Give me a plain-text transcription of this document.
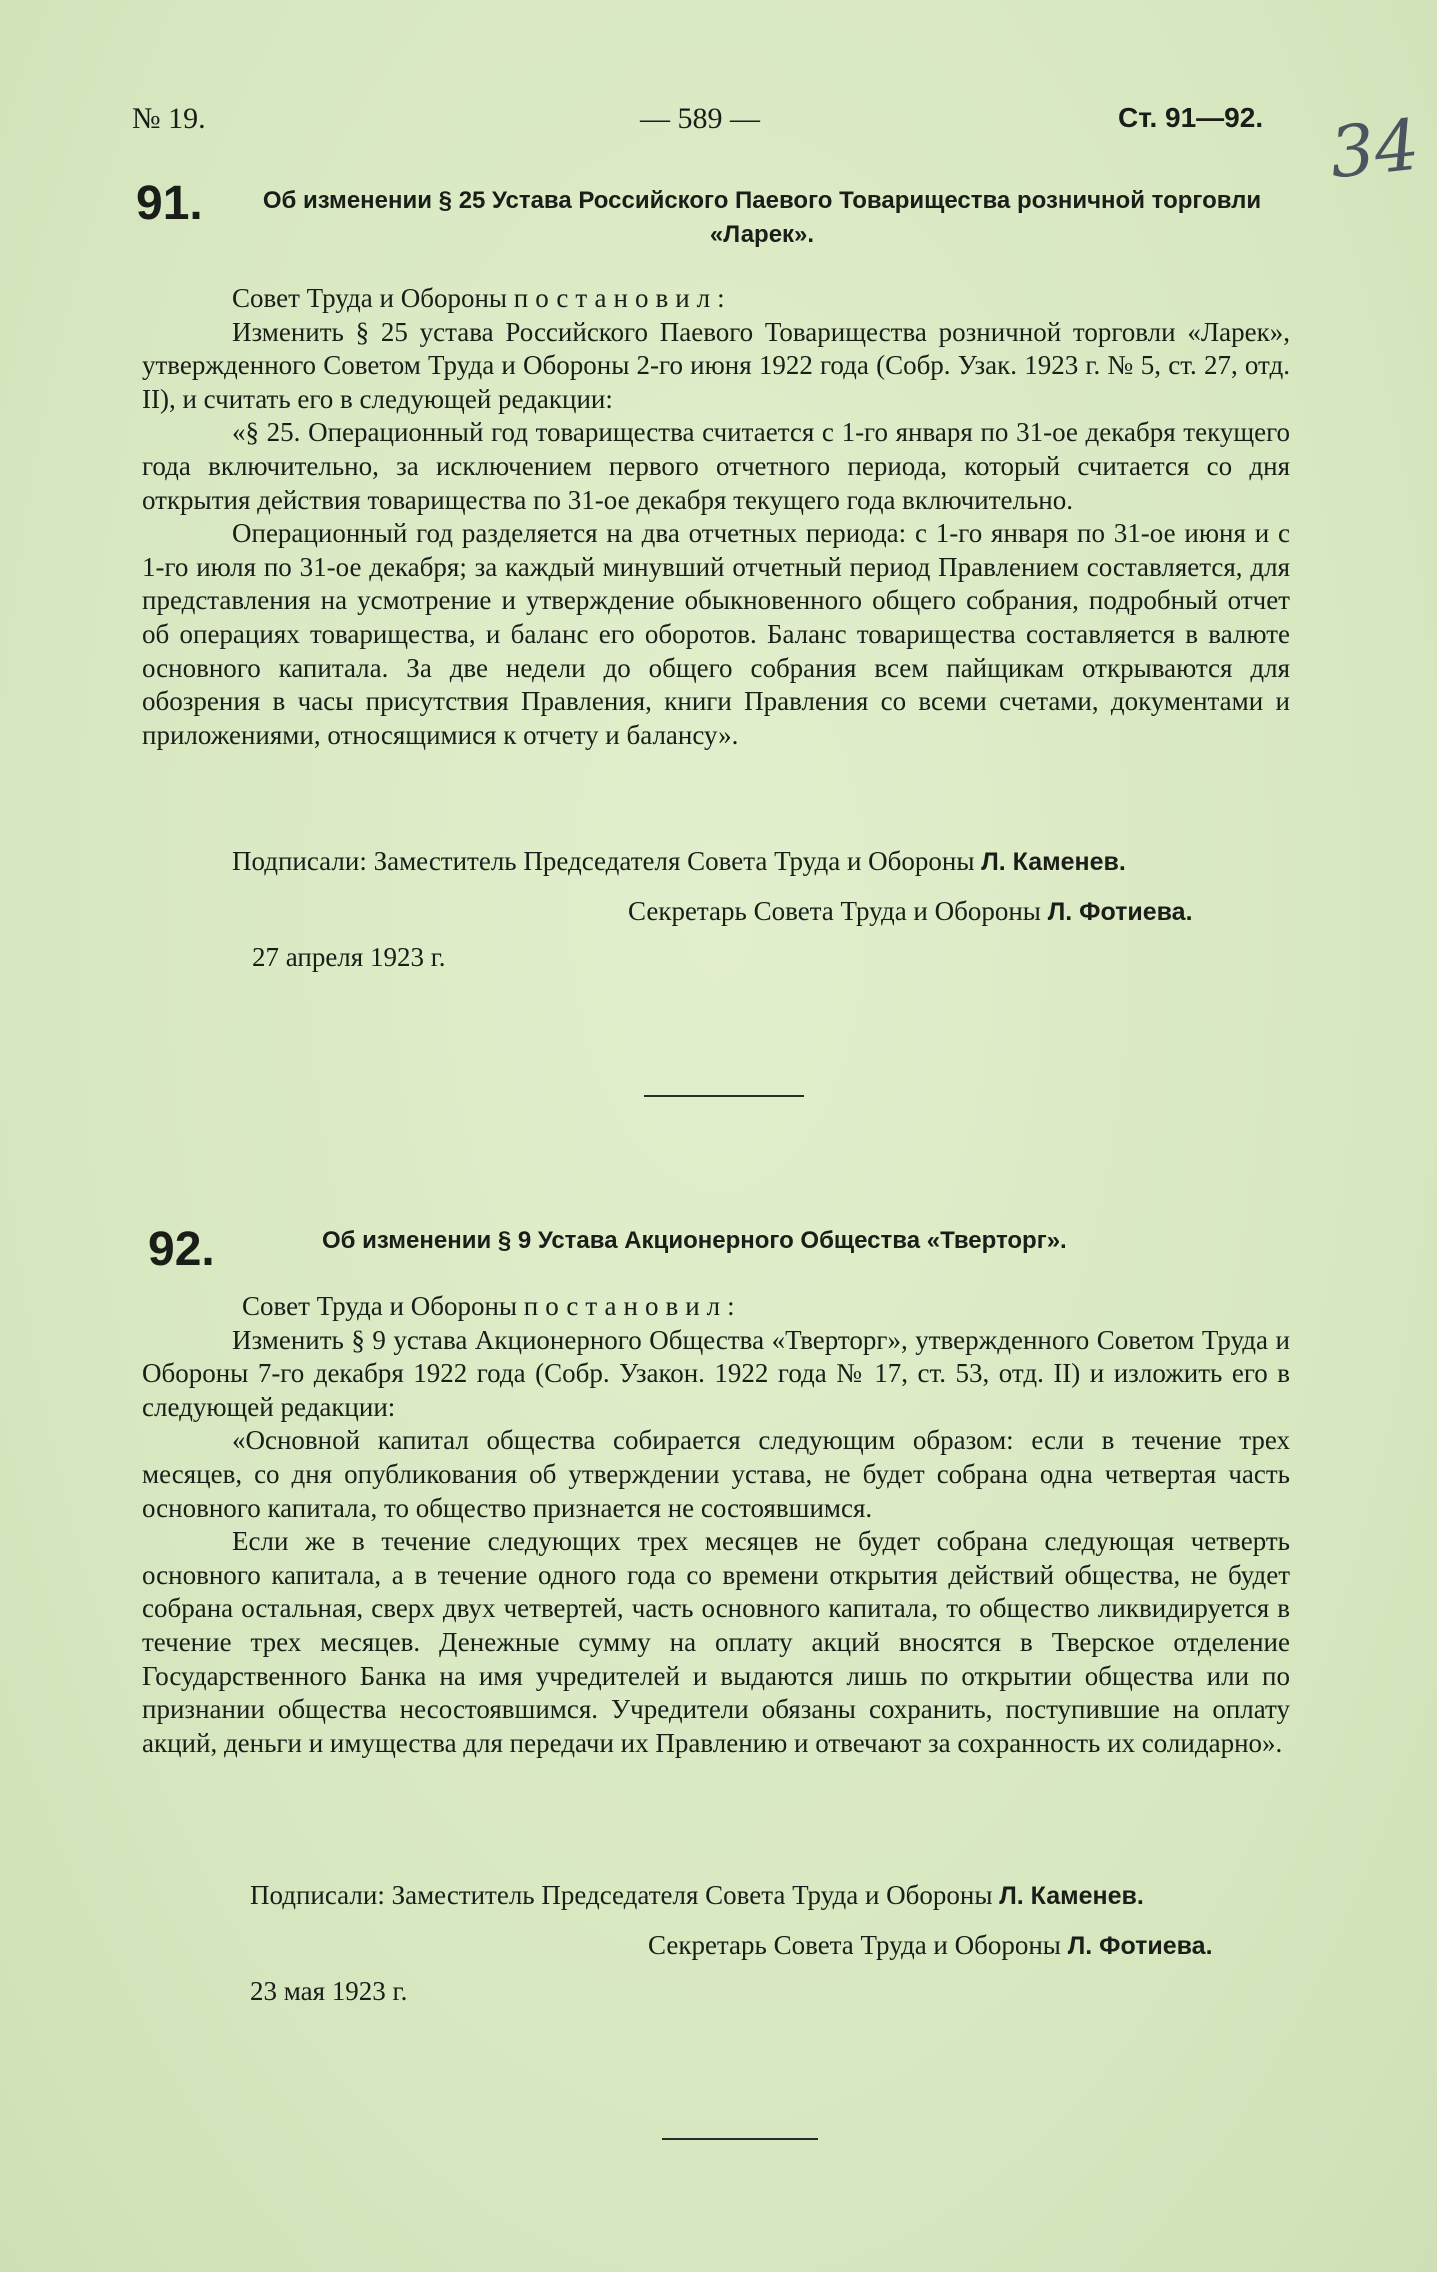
№ 19.	— 589 —	Ст. 91—92. 34
91.	Об изменении § 25 Устава Российского Паевого Товарищества розничной торговли «Ларек».

Совет Труда и Обороны постановил:

Изменить § 25 устава Российского Паевого Товарищества розничной торговли «Ларек», утвержденного Советом Труда и Обороны 2-го июня 1922 года (Собр. Узак. 1923 г. № 5, ст. 27, отд. II), и считать его в следующей редакции:

«§ 25. Операционный год товарищества считается с 1-го января по 31-ое декабря текущего года включительно, за исключением первого отчетного периода, который считается со дня открытия действия товарищества по 31-ое декабря текущего года включительно.

Операционный год разделяется на два отчетных периода: с 1-го января по 31-ое июня и с 1-го июля по 31-ое декабря; за каждый минувший отчетный период Правлением составляется, для представления на усмотрение и утверждение обыкновенного общего собрания, подробный отчет об операциях товарищества, и баланс его оборотов. Баланс товарищества составляется в валюте основного капитала. За две недели до общего собрания всем пайщикам открываются для обозрения в часы присутствия Правления, книги Правления со всеми счетами, документами и приложениями, относящимися к отчету и балансу».

Подписали: Заместитель Председателя Совета Труда и Обороны Л. Каменев.
Секретарь Совета Труда и Обороны Л. Фотиева.
27 апреля 1923 г.
92.	Об изменении § 9 Устава Акционерного Общества «Тверторг».

Совет Труда и Обороны постановил:

Изменить § 9 устава Акционерного Общества «Тверторг», утвержденного Советом Труда и Обороны 7-го декабря 1922 года (Собр. Узакон. 1922 года № 17, ст. 53, отд. II) и изложить его в следующей редакции:

«Основной капитал общества собирается следующим образом: если в течение трех месяцев, со дня опубликования об утверждении устава, не будет собрана одна четвертая часть основного капитала, то общество признается не состоявшимся.

Если же в течение следующих трех месяцев не будет собрана следующая четверть основного капитала, а в течение одного года со времени открытия действий общества, не будет собрана остальная, сверх двух четвертей, часть основного капитала, то общество ликвидируется в течение трех месяцев. Денежные сумму на оплату акций вносятся в Тверское отделение Государственного Банка на имя учредителей и выдаются лишь по открытии общества или по признании общества несостоявшимся. Учредители обязаны сохранить, поступившие на оплату акций, деньги и имущества для передачи их Правлению и отвечают за сохранность их солидарно».

Подписали: Заместитель Председателя Совета Труда и Обороны Л. Каменев.
Секретарь Совета Труда и Обороны Л. Фотиева.
23 мая 1923 г.
